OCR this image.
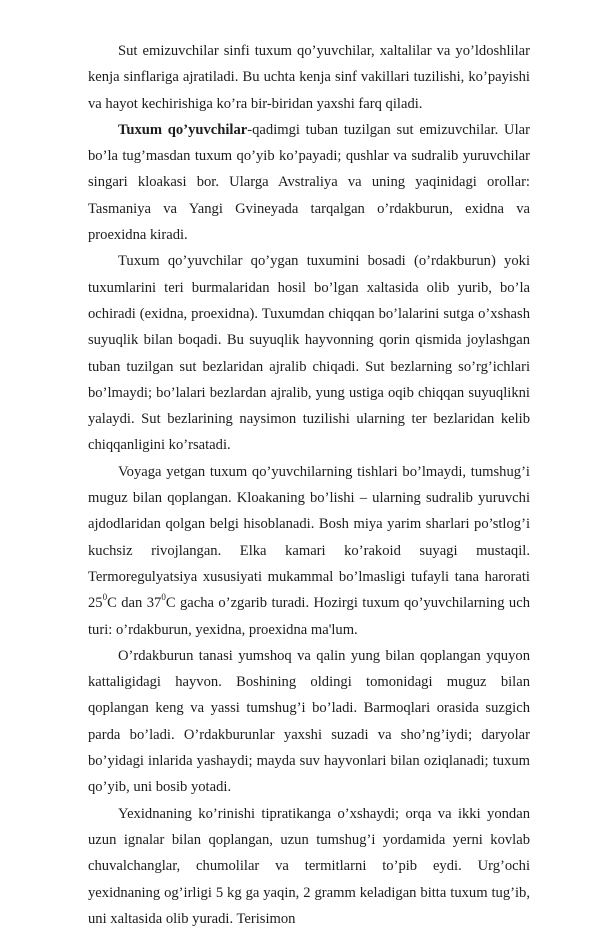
Sut emizuvchilar sinfi tuxum qo’yuvchilar, xaltalilar va yo’ldoshlilar kenja sinflariga ajratiladi. Bu uchta kenja sinf vakillari tuzilishi, ko’payishi va hayot kechirishiga ko’ra bir-biridan yaxshi farq qiladi.

Tuxum qo’yuvchilar-qadimgi tuban tuzilgan sut emizuvchilar. Ular bo’la tug’masdan tuxum qo’yib ko’payadi; qushlar va sudralib yuruvchilar singari kloakasi bor. Ularga Avstraliya va uning yaqinidagi orollar: Tasmaniya va Yangi Gvineyada tarqalgan o’rdakburun, exidna va proexidna kiradi.

Tuxum qo’yuvchilar qo’ygan tuxumini bosadi (o’rdakburun) yoki tuxumlarini teri burmalaridan hosil bo’lgan xaltasida olib yurib, bo’la ochiradi (exidna, proexidna). Tuxumdan chiqqan bo’lalarini sutga o’xshash suyuqlik bilan boqadi. Bu suyuqlik hayvonning qorin qismida joylashgan tuban tuzilgan sut bezlaridan ajralib chiqadi. Sut bezlarning so’rg’ichlari bo’lmaydi; bo’lalari bezlardan ajralib, yung ustiga oqib chiqqan suyuqlikni yalaydi. Sut bezlarining naysimon tuzilishi ularning ter bezlaridan kelib chiqqanligini ko’rsatadi.

Voyaga yetgan tuxum qo’yuvchilarning tishlari bo’lmaydi, tumshug’i muguz bilan qoplangan. Kloakaning bo’lishi – ularning sudralib yuruvchi ajdodlaridan qolgan belgi hisoblanadi. Bosh miya yarim sharlari po’stlog’i kuchsiz rivojlangan. Elka kamari ko’rakoid suyagi mustaqil. Termoregulyatsiya xususiyati mukammal bo’lmasligi tufayli tana harorati $25^0C$ dan $37^0C$ gacha o’zgarib turadi. Hozirgi tuxum qo’yuvchilarning uch turi: o’rdakburun, yexidna, proexidna ma'lum.

O’rdakburun tanasi yumshoq va qalin yung bilan qoplangan yquyon kattaligidagi hayvon. Boshining oldingi tomonidagi muguz bilan qoplangan keng va yassi tumshug’i bo’ladi. Barmoqlari orasida suzgich parda bo’ladi. O’rdakburunlar yaxshi suzadi va sho’ng’iydi; daryolar bo’yidagi inlarida yashaydi; mayda suv hayvonlari bilan oziqlanadi; tuxum qo’yib, uni bosib yotadi.

Yexidnaning ko’rinishi tipratikanga o’xshaydi; orqa va ikki yondan uzun ignalar bilan qoplangan, uzun tumshug’i yordamida yerni kovlab chuvalchanglar, chumolilar va termitlarni to’pib eydi. Urg’ochi yexidnaning og’irligi 5 kg ga yaqin, 2 gramm keladigan bitta tuxum tug’ib, uni xaltasida olib yuradi. Terisimon
